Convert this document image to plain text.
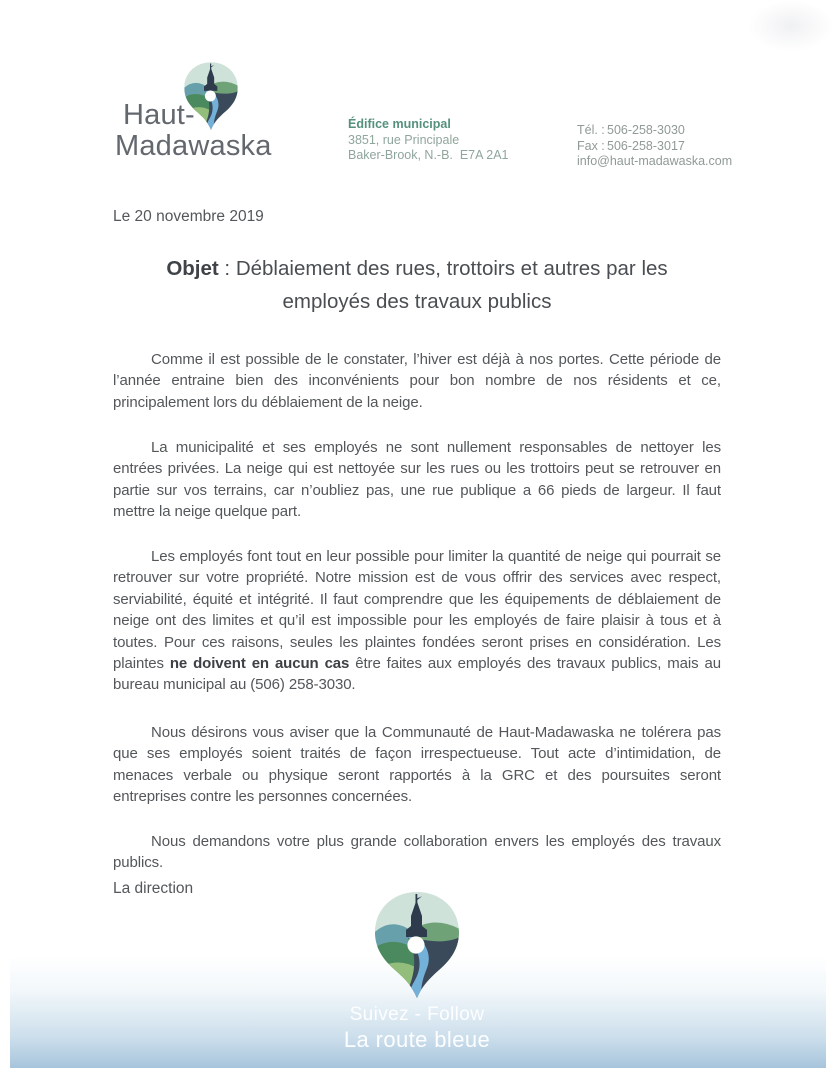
Haut-
Madawaska
Édifice municipal
3851, rue Principale
Baker-Brook, N.-B.  E7A 2A1
Tél. : 506-258-3030
Fax : 506-258-3017
info@haut-madawaska.com
Le 20 novembre 2019
Objet : Déblaiement des rues, trottoirs et autres par les
employés des travaux publics

Comme il est possible de le constater, l’hiver est déjà à nos portes. Cette période de l’année entraine bien des inconvénients pour bon nombre de nos résidents et ce, principalement lors du déblaiement de la neige.

La municipalité et ses employés ne sont nullement responsables de nettoyer les entrées privées. La neige qui est nettoyée sur les rues ou les trottoirs peut se retrouver en partie sur vos terrains, car n’oubliez pas, une rue publique a 66 pieds de largeur. Il faut mettre la neige quelque part.

Les employés font tout en leur possible pour limiter la quantité de neige qui pourrait se retrouver sur votre propriété. Notre mission est de vous offrir des services avec respect, serviabilité, équité et intégrité. Il faut comprendre que les équipements de déblaiement de neige ont des limites et qu’il est impossible pour les employés de faire plaisir à tous et à toutes. Pour ces raisons, seules les plaintes fondées seront prises en considération. Les plaintes ne doivent en aucun cas être faites aux employés des travaux publics, mais au bureau municipal au (506) 258-3030.

Nous désirons vous aviser que la Communauté de Haut-Madawaska ne tolérera pas que ses employés soient traités de façon irrespectueuse. Tout acte d’intimidation, de menaces verbale ou physique seront rapportés à la GRC et des poursuites seront entreprises contre les personnes concernées.

Nous demandons votre plus grande collaboration envers les employés des travaux publics.

La direction
Suivez - Follow
La route bleue
